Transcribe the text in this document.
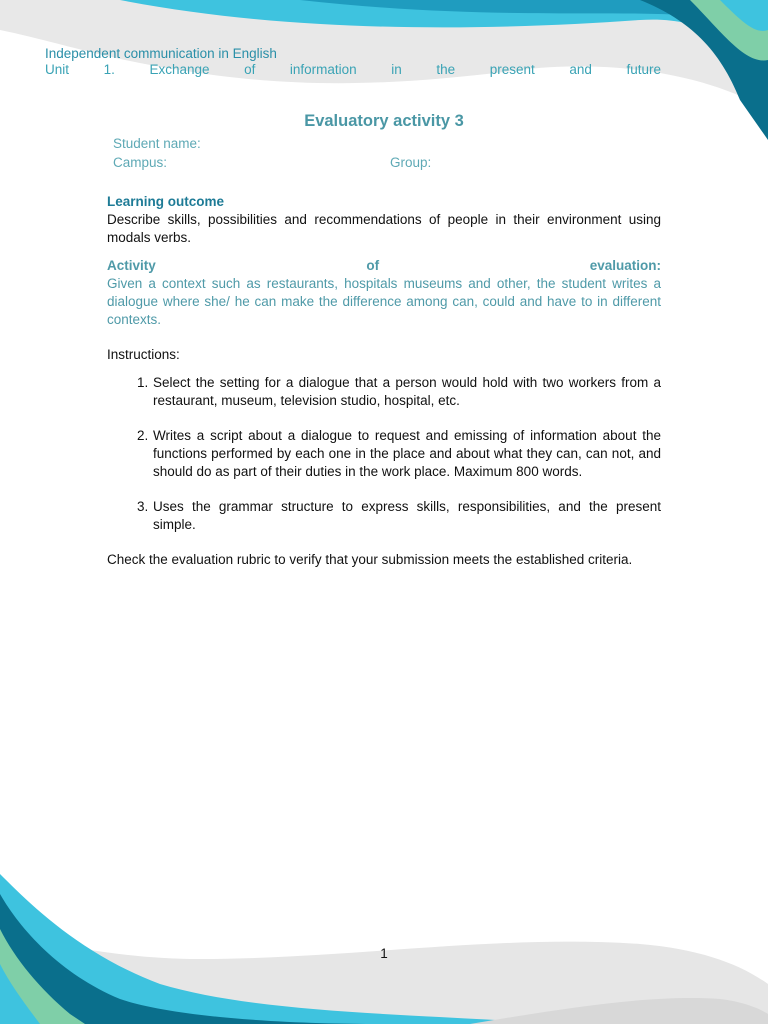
Independent communication in English
Unit	1.	Exchange	of	information	in	the	present	and	future
Evaluatory activity 3
Student name:
Campus:	Group:
Learning outcome
Describe skills, possibilities and recommendations of people in their environment using modals verbs.
Activity	of	evaluation:
Given a context such as restaurants, hospitals museums and other, the student writes a dialogue where she/ he can make the difference among can, could and have to in different contexts.
Instructions:
1. Select the setting for a dialogue that a person would hold with two workers from a restaurant, museum, television studio, hospital, etc.
2. Writes a script about a dialogue to request and emissing of information about the functions performed by each one in the place and about what they can, can not, and should do as part of their duties in the work place. Maximum 800 words.
3. Uses the grammar structure to express skills, responsibilities, and the present simple.
Check the evaluation rubric to verify that your submission meets the established criteria.
1
